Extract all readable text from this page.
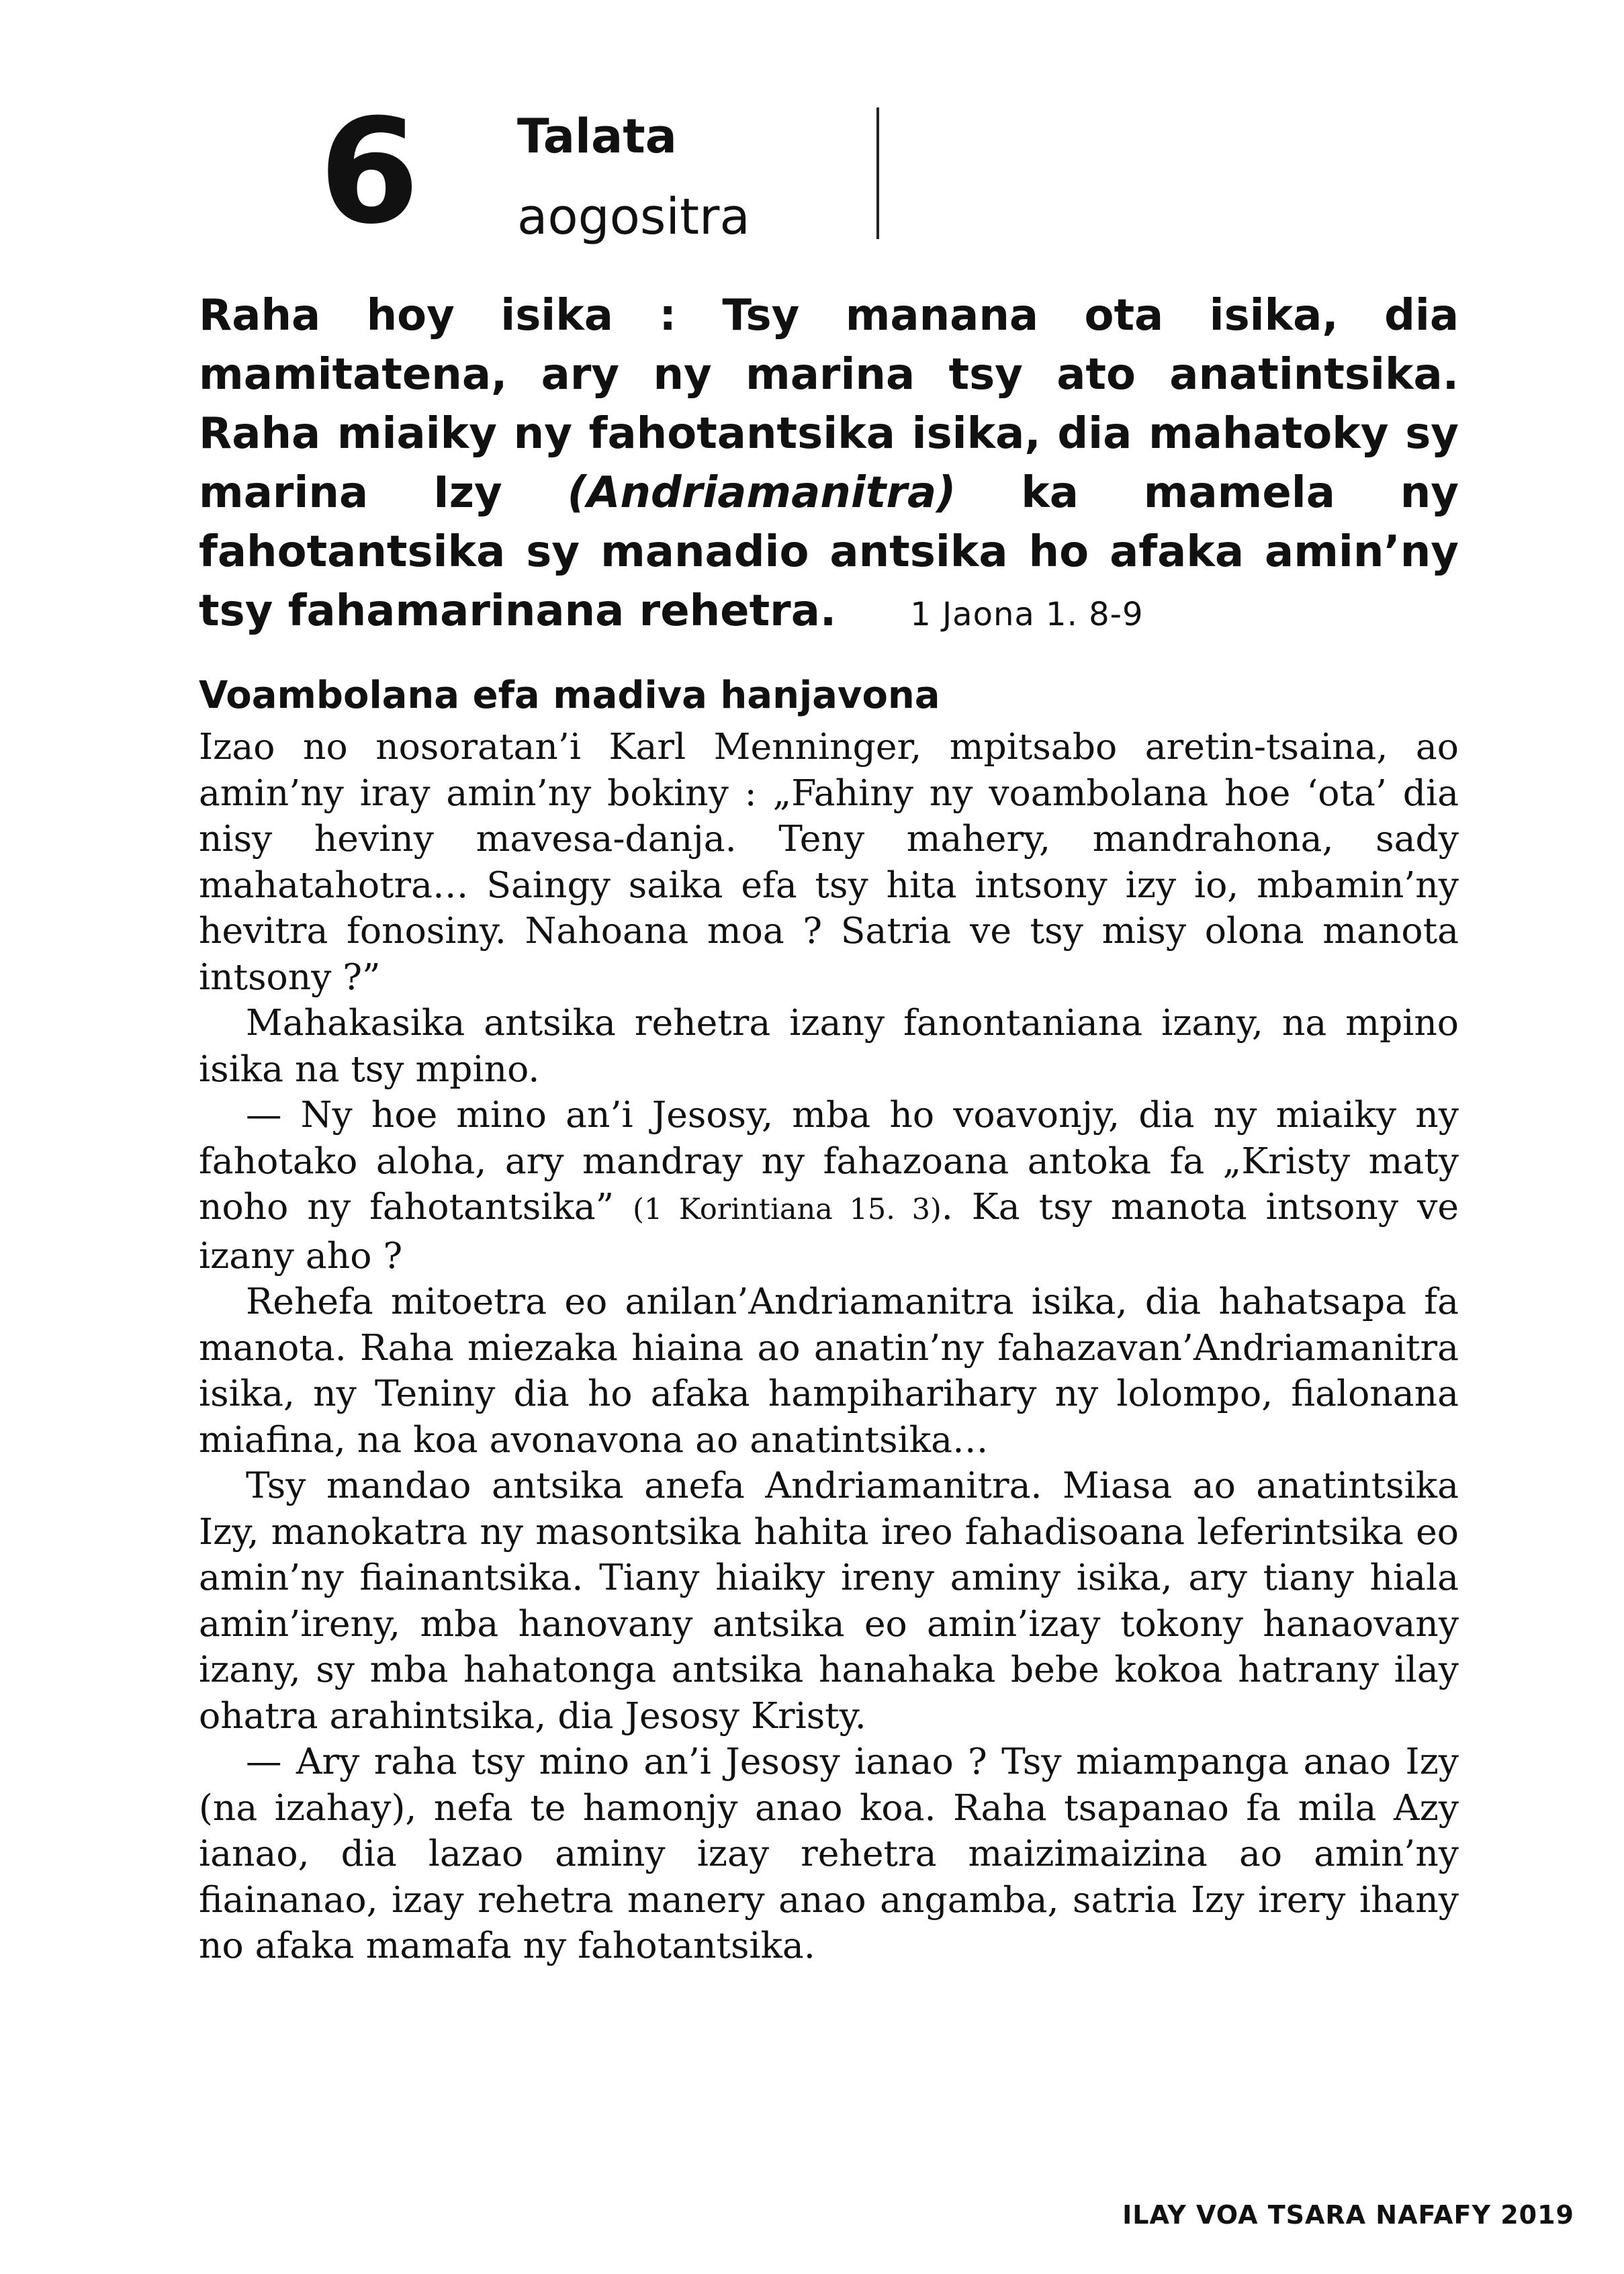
6 Talata
aogositra
Raha hoy isika : Tsy manana ota isika, dia mamitatena, ary ny marina tsy ato anatintsika. Raha miaiky ny fahotantsika isika, dia mahatoky sy marina Izy (Andriamanitra) ka mamela ny fahotantsika sy manadio antsika ho afaka amin’ny tsy fahamarinana rehetra. 1 Jaona 1. 8-9
Voambolana efa madiva hanjavona

Izao no nosoratan’i Karl Menninger, mpitsabo aretin-tsaina, ao amin’ny iray amin’ny bokiny : „Fahiny ny voambolana hoe ‘ota’ dia nisy heviny mavesa-danja. Teny mahery, mandrahona, sady mahatahotra… Saingy saika efa tsy hita intsony izy io, mbamin’ny hevitra fonosiny. Nahoana moa ? Satria ve tsy misy olona manota intsony ?”

Mahakasika antsika rehetra izany fanontaniana izany, na mpino isika na tsy mpino.

— Ny hoe mino an’i Jesosy, mba ho voavonjy, dia ny miaiky ny fahotako aloha, ary mandray ny fahazoana antoka fa „Kristy maty noho ny fahotantsika” (1 Korintiana 15. 3). Ka tsy manota intsony ve izany aho ?

Rehefa mitoetra eo anilan’Andriamanitra isika, dia hahatsapa fa manota. Raha miezaka hiaina ao anatin’ny fahazavan’Andriamanitra isika, ny Teniny dia ho afaka hampiharihary ny lolompo, fialonana miafina, na koa avonavona ao anatintsika…

Tsy mandao antsika anefa Andriamanitra. Miasa ao anatintsika Izy, manokatra ny masontsika hahita ireo fahadisoana leferintsika eo amin’ny fiainantsika. Tiany hiaiky ireny aminy isika, ary tiany hiala amin’ireny, mba hanovany antsika eo amin’izay tokony hanaovany izany, sy mba hahatonga antsika hanahaka bebe kokoa hatrany ilay ohatra arahintsika, dia Jesosy Kristy.

— Ary raha tsy mino an’i Jesosy ianao ? Tsy miampanga anao Izy (na izahay), nefa te hamonjy anao koa. Raha tsapanao fa mila Azy ianao, dia lazao aminy izay rehetra maizimaizina ao amin’ny fiainanao, izay rehetra manery anao angamba, satria Izy irery ihany no afaka mamafa ny fahotantsika.

ILAY VOA TSARA NAFAFY 2019
